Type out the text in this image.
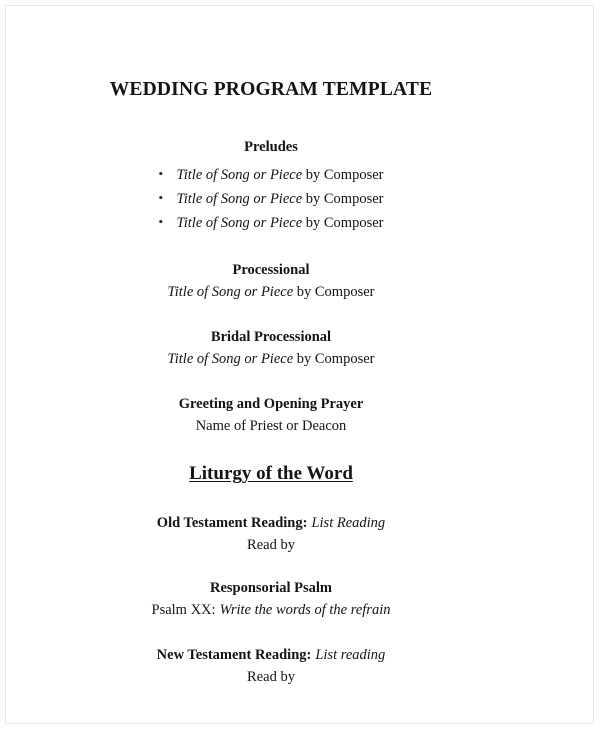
WEDDING PROGRAM TEMPLATE
Preludes
• Title of Song or Piece by Composer
• Title of Song or Piece by Composer
• Title of Song or Piece by Composer
Processional
Title of Song or Piece by Composer
Bridal Processional
Title of Song or Piece by Composer
Greeting and Opening Prayer
Name of Priest or Deacon
Liturgy of the Word
Old Testament Reading: List Reading
Read by
Responsorial Psalm
Psalm XX: Write the words of the refrain
New Testament Reading: List reading
Read by
